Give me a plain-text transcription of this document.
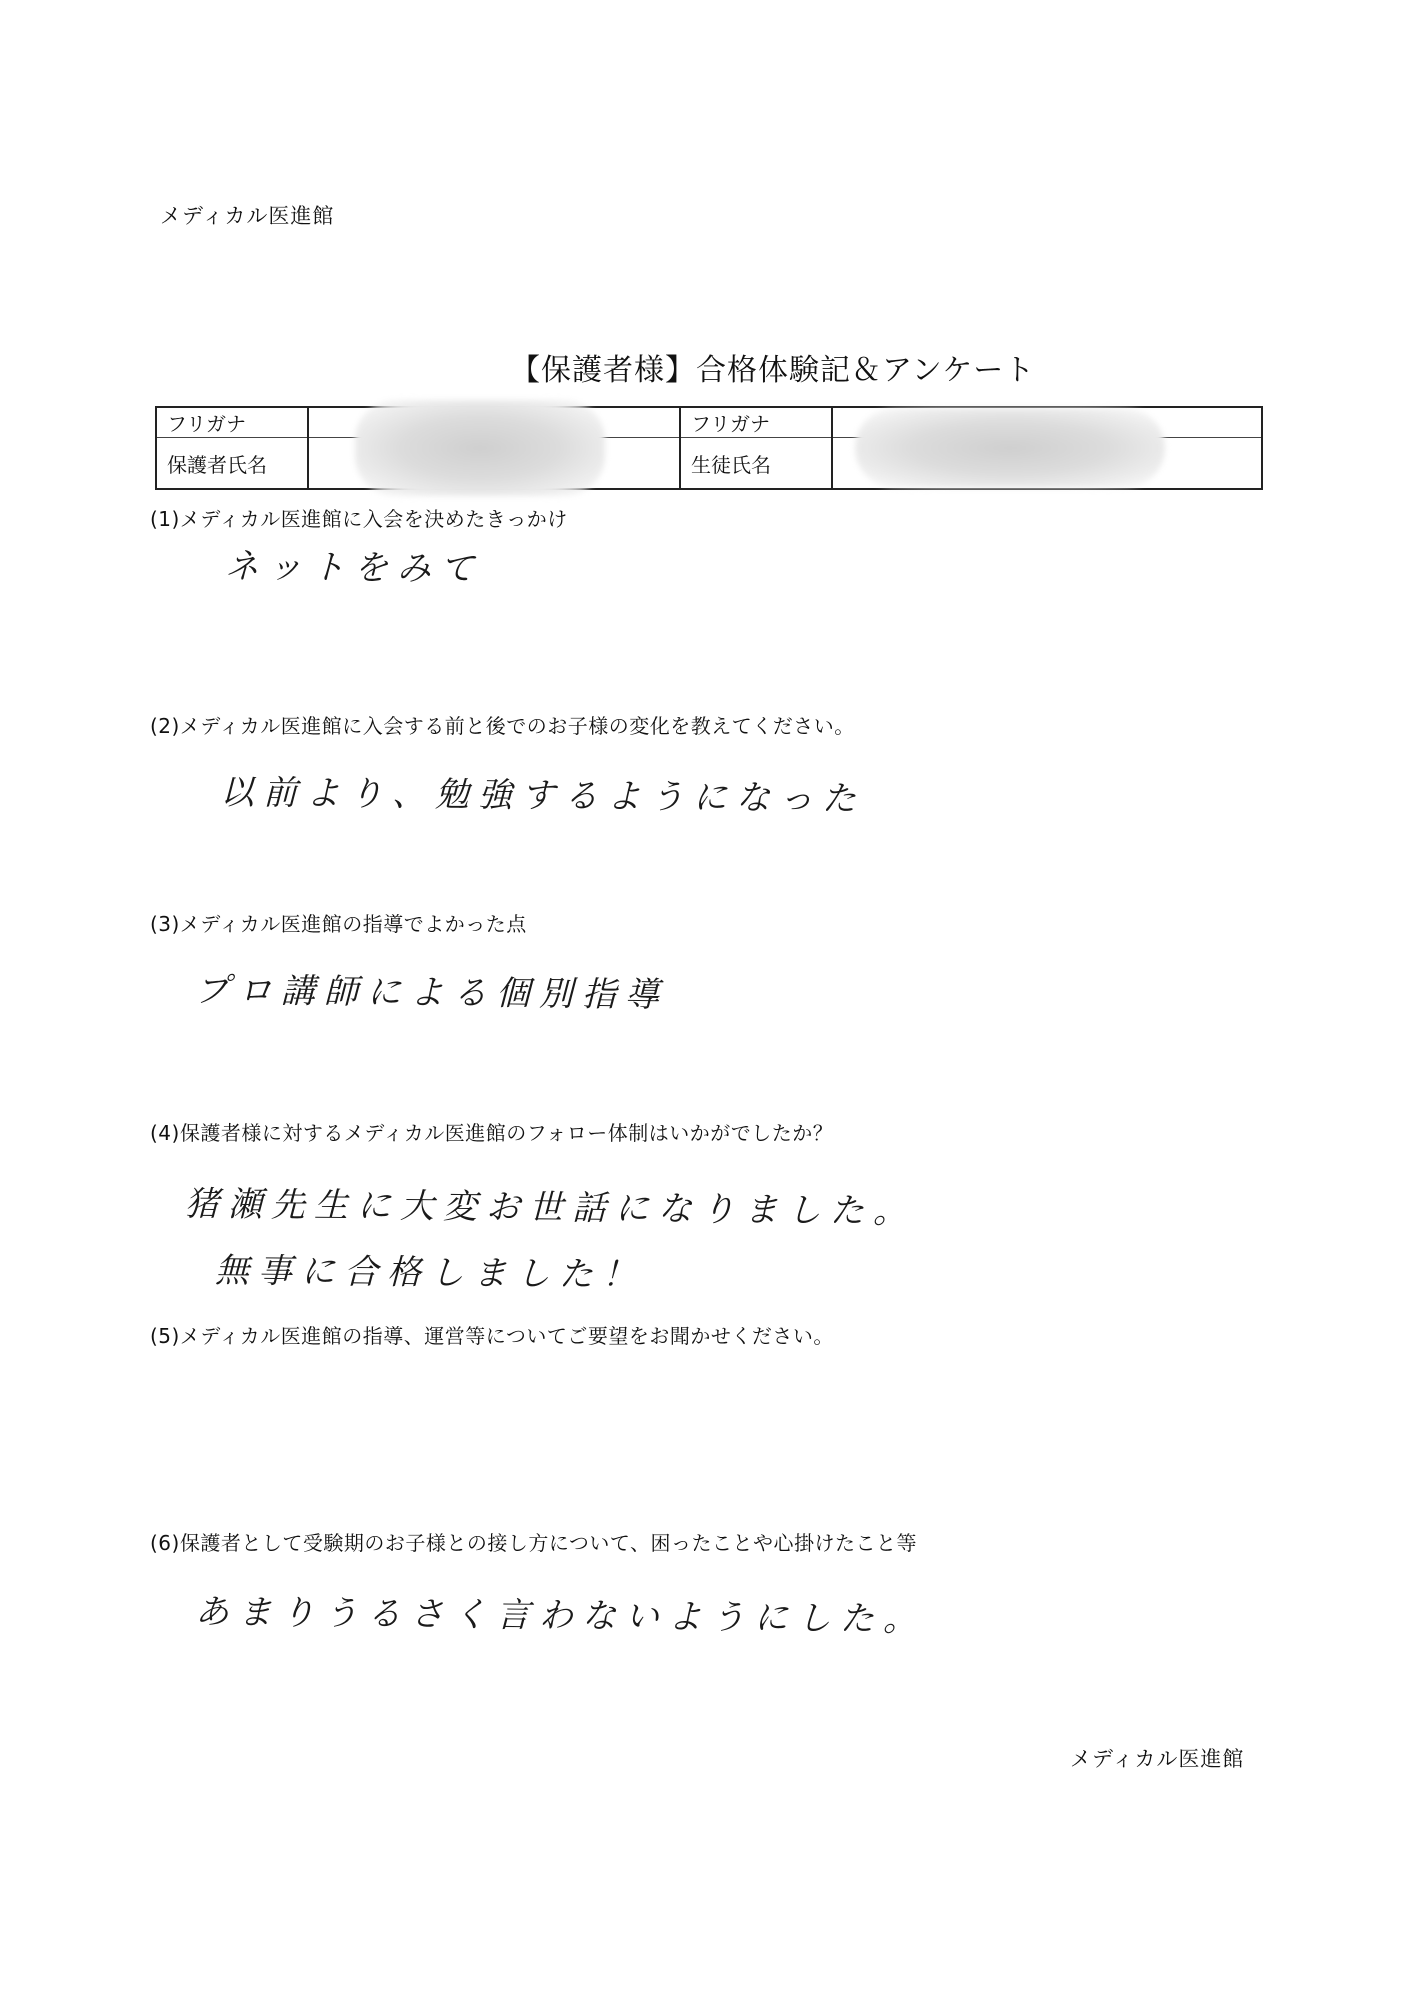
メディカル医進館
【保護者様】合格体験記＆アンケート
フリガナ		フリガナ	
保護者氏名		生徒氏名	
(1)メディカル医進館に入会を決めたきっかけ
ネットをみて
(2)メディカル医進館に入会する前と後でのお子様の変化を教えてください。
以前より、勉強するようになった
(3)メディカル医進館の指導でよかった点
プロ講師による個別指導
(4)保護者様に対するメディカル医進館のフォロー体制はいかがでしたか？
猪瀬先生に大変お世話になりました。
無事に合格しました！
(5)メディカル医進館の指導、運営等についてご要望をお聞かせください。
(6)保護者として受験期のお子様との接し方について、困ったことや心掛けたこと等
あまりうるさく言わないようにした。
メディカル医進館
